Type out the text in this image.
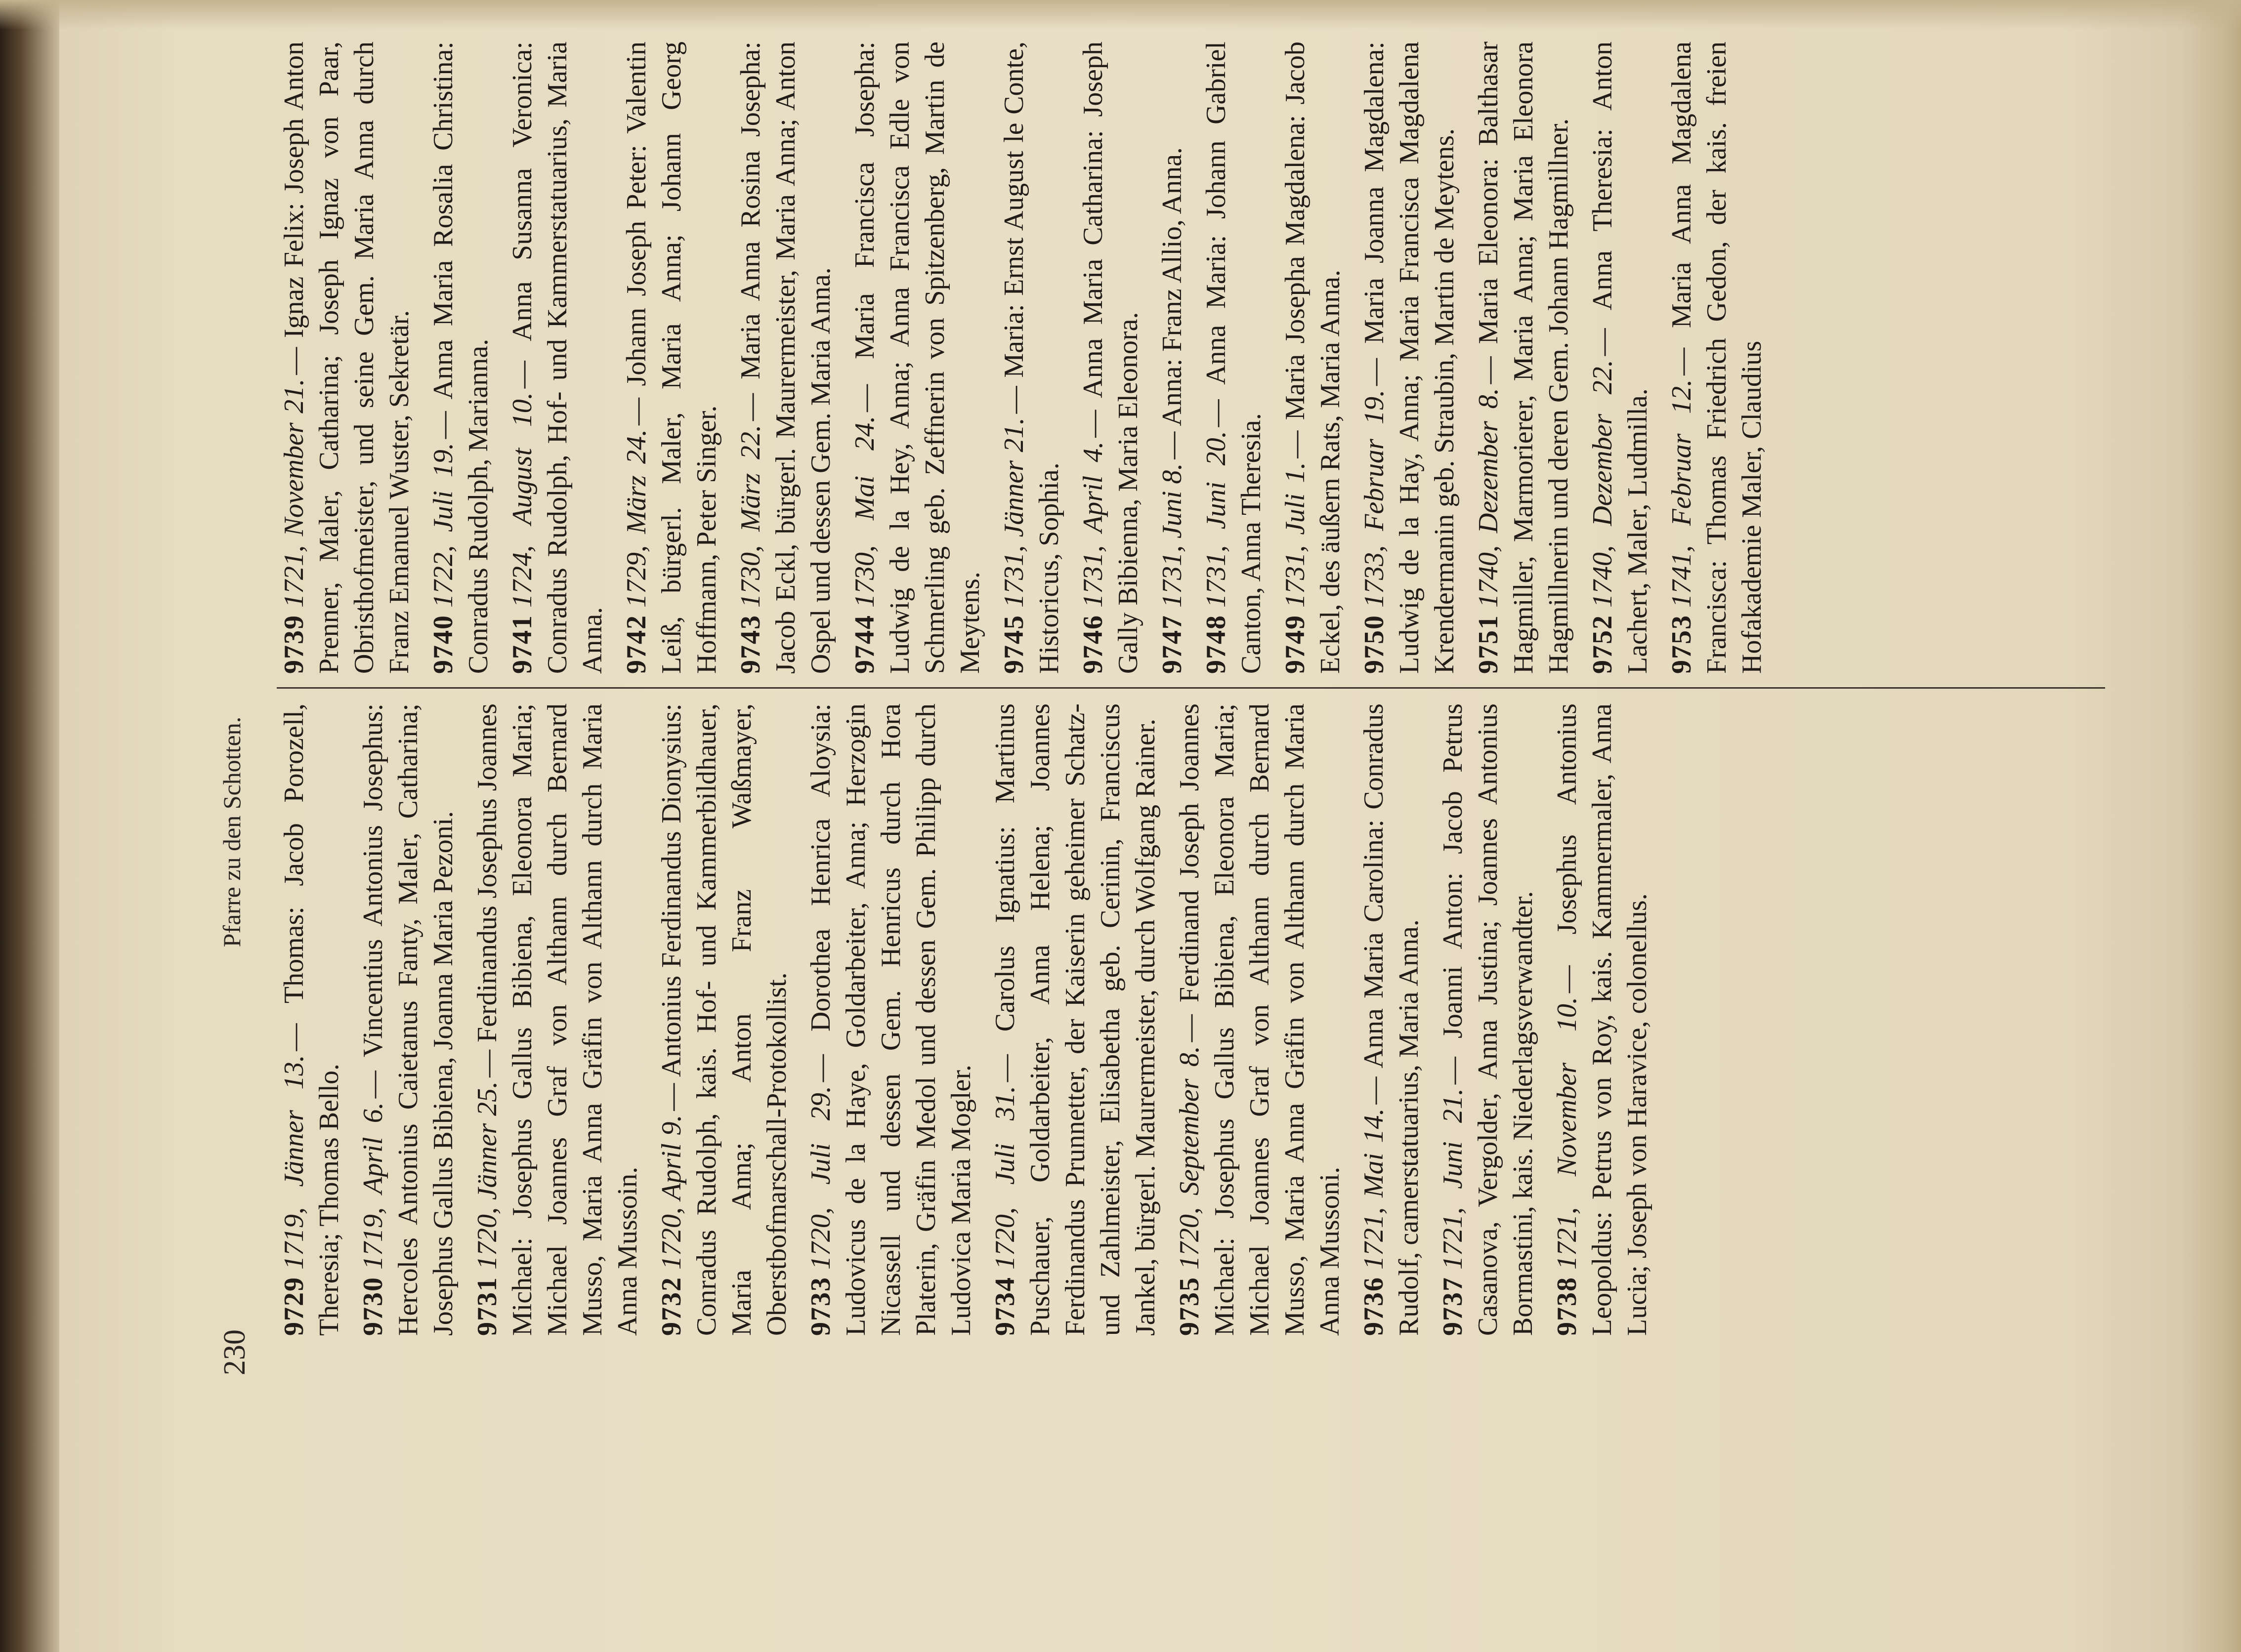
230
Pfarre zu den Schotten.
97291719, Jänner 13.— Thomas: Jacob Porozell, Theresia; Thomas Bello. 97301719, April 6.— Vincentius Antonius Josephus: Hercoles Antonius Caietanus Fanty, Maler, Catharina; Josephus Gallus Bibiena, Joanna Maria Pezoni. 97311720, Jänner 25.— Ferdinandus Josephus Joannes Michael: Josephus Gallus Bibiena, Eleonora Maria; Michael Joannes Graf von Althann durch Bernard Musso, Maria Anna Gräfin von Althann durch Maria Anna Mussoin. 97321720, April 9.— Antonius Ferdinandus Dionysius: Conradus Rudolph, kais. Hof- und Kammerbildhauer, Maria Anna; Anton Franz Waßmayer, Oberstbofmarschall-Protokollist. 97331720, Juli 29.— Dorothea Henrica Aloysia: Ludovicus de la Haye, Goldarbeiter, Anna; Herzogin Nicassell und dessen Gem. Henricus durch Hora Platerin, Gräfin Medol und dessen Gem. Philipp durch Ludovica Maria Mogler. 97341720, Juli 31.— Carolus Ignatius: Martinus Puschauer, Goldarbeiter, Anna Helena; Joannes Ferdinandus Prunnetter, der Kaiserin geheimer Schatz- und Zahlmeister, Elisabetha geb. Cerinin, Franciscus Jankel, bürgerl. Maurermeister, durch Wolfgang Rainer. 97351720, September 8.— Ferdinand Joseph Joannes Michael: Josephus Gallus Bibiena, Eleonora Maria; Michael Joannes Graf von Althann durch Bernard Musso, Maria Anna Gräfin von Althann durch Maria Anna Mussoni. 97361721, Mai 14.— Anna Maria Carolina: Conradus Rudolf, camerstatuarius, Maria Anna. 97371721, Juni 21.— Joanni Anton: Jacob Petrus Casanova, Vergolder, Anna Justina; Joannes Antonius Bormastini, kais. Niederlagsverwandter. 97381721, November 10.— Josephus Antonius Leopoldus: Petrus von Roy, kais. Kammermaler, Anna Lucia; Joseph von Haravice, colonellus.
97391721, November 21.— Ignaz Felix: Joseph Anton Prenner, Maler, Catharina; Joseph Ignaz von Paar, Obristhofmeister, und seine Gem. Maria Anna durch Franz Emanuel Wuster, Sekretär. 97401722, Juli 19.— Anna Maria Rosalia Christina: Conradus Rudolph, Marianna. 97411724, August 10.— Anna Susanna Veronica: Conradus Rudolph, Hof- und Kammerstatuarius, Maria Anna. 97421729, März 24.— Johann Joseph Peter: Valentin Leiß, bürgerl. Maler, Maria Anna; Johann Georg Hoffmann, Peter Singer. 97431730, März 22.— Maria Anna Rosina Josepha: Jacob Eckl, bürgerl. Maurermeister, Maria Anna; Anton Ospel und dessen Gem. Maria Anna. 97441730, Mai 24.— Maria Francisca Josepha: Ludwig de la Hey, Anna; Anna Francisca Edle von Schmerling geb. Zeffnerin von Spitzenberg, Martin de Meytens. 97451731, Jänner 21.— Maria: Ernst August le Conte, Historicus, Sophia. 97461731, April 4.— Anna Maria Catharina: Joseph Gally Bibienna, Maria Eleonora. 97471731, Juni 8.— Anna: Franz Allio, Anna.
97481731, Juni 20.— Anna Maria: Johann Gabriel Canton, Anna Theresia. 97491731, Juli 1.— Maria Josepha Magdalena: Jacob Eckel, des äußern Rats, Maria Anna. 97501733, Februar 19.— Maria Joanna Magdalena: Ludwig de la Hay, Anna; Maria Francisca Magdalena Krendermanin geb. Straubin, Martin de Meytens. 97511740, Dezember 8.— Maria Eleonora: Balthasar Hagmiller, Marmorierer, Maria Anna; Maria Eleonora Hagmillnerin und deren Gem. Johann Hagmillner. 97521740, Dezember 22.— Anna Theresia: Anton Lachert, Maler, Ludmilla. 97531741, Februar 12.— Maria Anna Magdalena Francisca: Thomas Friedrich Gedon, der kais. freien Hofakademie Maler, Claudius
